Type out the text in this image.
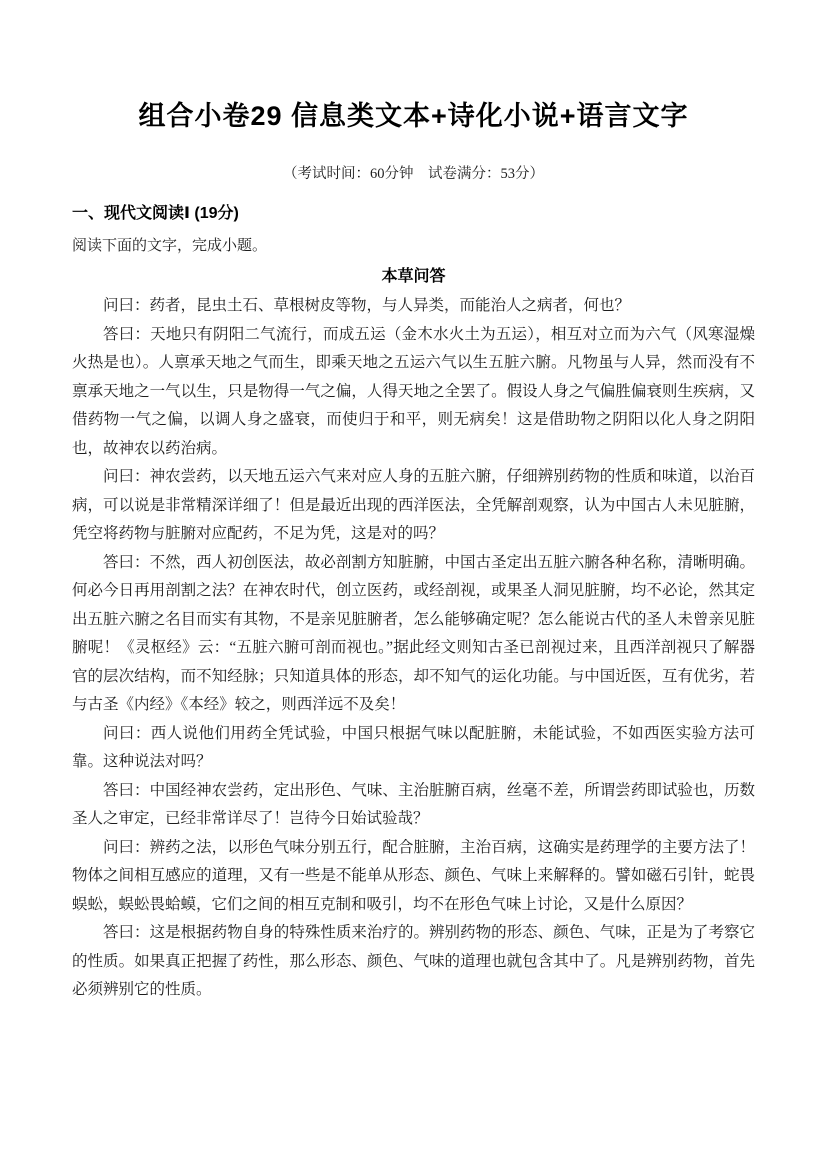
组合小卷29 信息类文本+诗化小说+语言文字
（考试时间：60分钟　试卷满分：53分）
一、现代文阅读Ⅰ (19分)
阅读下面的文字，完成小题。
本草问答

问曰：药者，昆虫土石、草根树皮等物，与人异类，而能治人之病者，何也？

答曰：天地只有阴阳二气流行，而成五运（金木水火土为五运），相互对立而为六气（风寒湿燥火热是也）。人禀承天地之气而生，即乘天地之五运六气以生五脏六腑。凡物虽与人异，然而没有不禀承天地之一气以生，只是物得一气之偏，人得天地之全罢了。假设人身之气偏胜偏衰则生疾病，又借药物一气之偏，以调人身之盛衰，而使归于和平，则无病矣！这是借助物之阴阳以化人身之阴阳也，故神农以药治病。

问曰：神农尝药，以天地五运六气来对应人身的五脏六腑，仔细辨别药物的性质和味道，以治百病，可以说是非常精深详细了！但是最近出现的西洋医法，全凭解剖观察，认为中国古人未见脏腑，凭空将药物与脏腑对应配药，不足为凭，这是对的吗？

答曰：不然，西人初创医法，故必剖割方知脏腑，中国古圣定出五脏六腑各种名称，清晰明确。何必今日再用剖割之法？在神农时代，创立医药，或经剖视，或果圣人洞见脏腑，均不必论，然其定出五脏六腑之名目而实有其物，不是亲见脏腑者，怎么能够确定呢？怎么能说古代的圣人未曾亲见脏腑呢！《灵枢经》云：“五脏六腑可剖而视也。”据此经文则知古圣已剖视过来，且西洋剖视只了解器官的层次结构，而不知经脉；只知道具体的形态，却不知气的运化功能。与中国近医，互有优劣，若与古圣《内经》《本经》较之，则西洋远不及矣！

问曰：西人说他们用药全凭试验，中国只根据气味以配脏腑，未能试验，不如西医实验方法可靠。这种说法对吗？

答曰：中国经神农尝药，定出形色、气味、主治脏腑百病，丝毫不差，所谓尝药即试验也，历数圣人之审定，已经非常详尽了！岂待今日始试验哉？

问曰：辨药之法，以形色气味分别五行，配合脏腑，主治百病，这确实是药理学的主要方法了！物体之间相互感应的道理，又有一些是不能单从形态、颜色、气味上来解释的。譬如磁石引针，蛇畏蜈蚣，蜈蚣畏蛤蟆，它们之间的相互克制和吸引，均不在形色气味上讨论，又是什么原因？

答曰：这是根据药物自身的特殊性质来治疗的。辨别药物的形态、颜色、气味，正是为了考察它的性质。如果真正把握了药性，那么形态、颜色、气味的道理也就包含其中了。凡是辨别药物，首先必须辨别它的性质。
